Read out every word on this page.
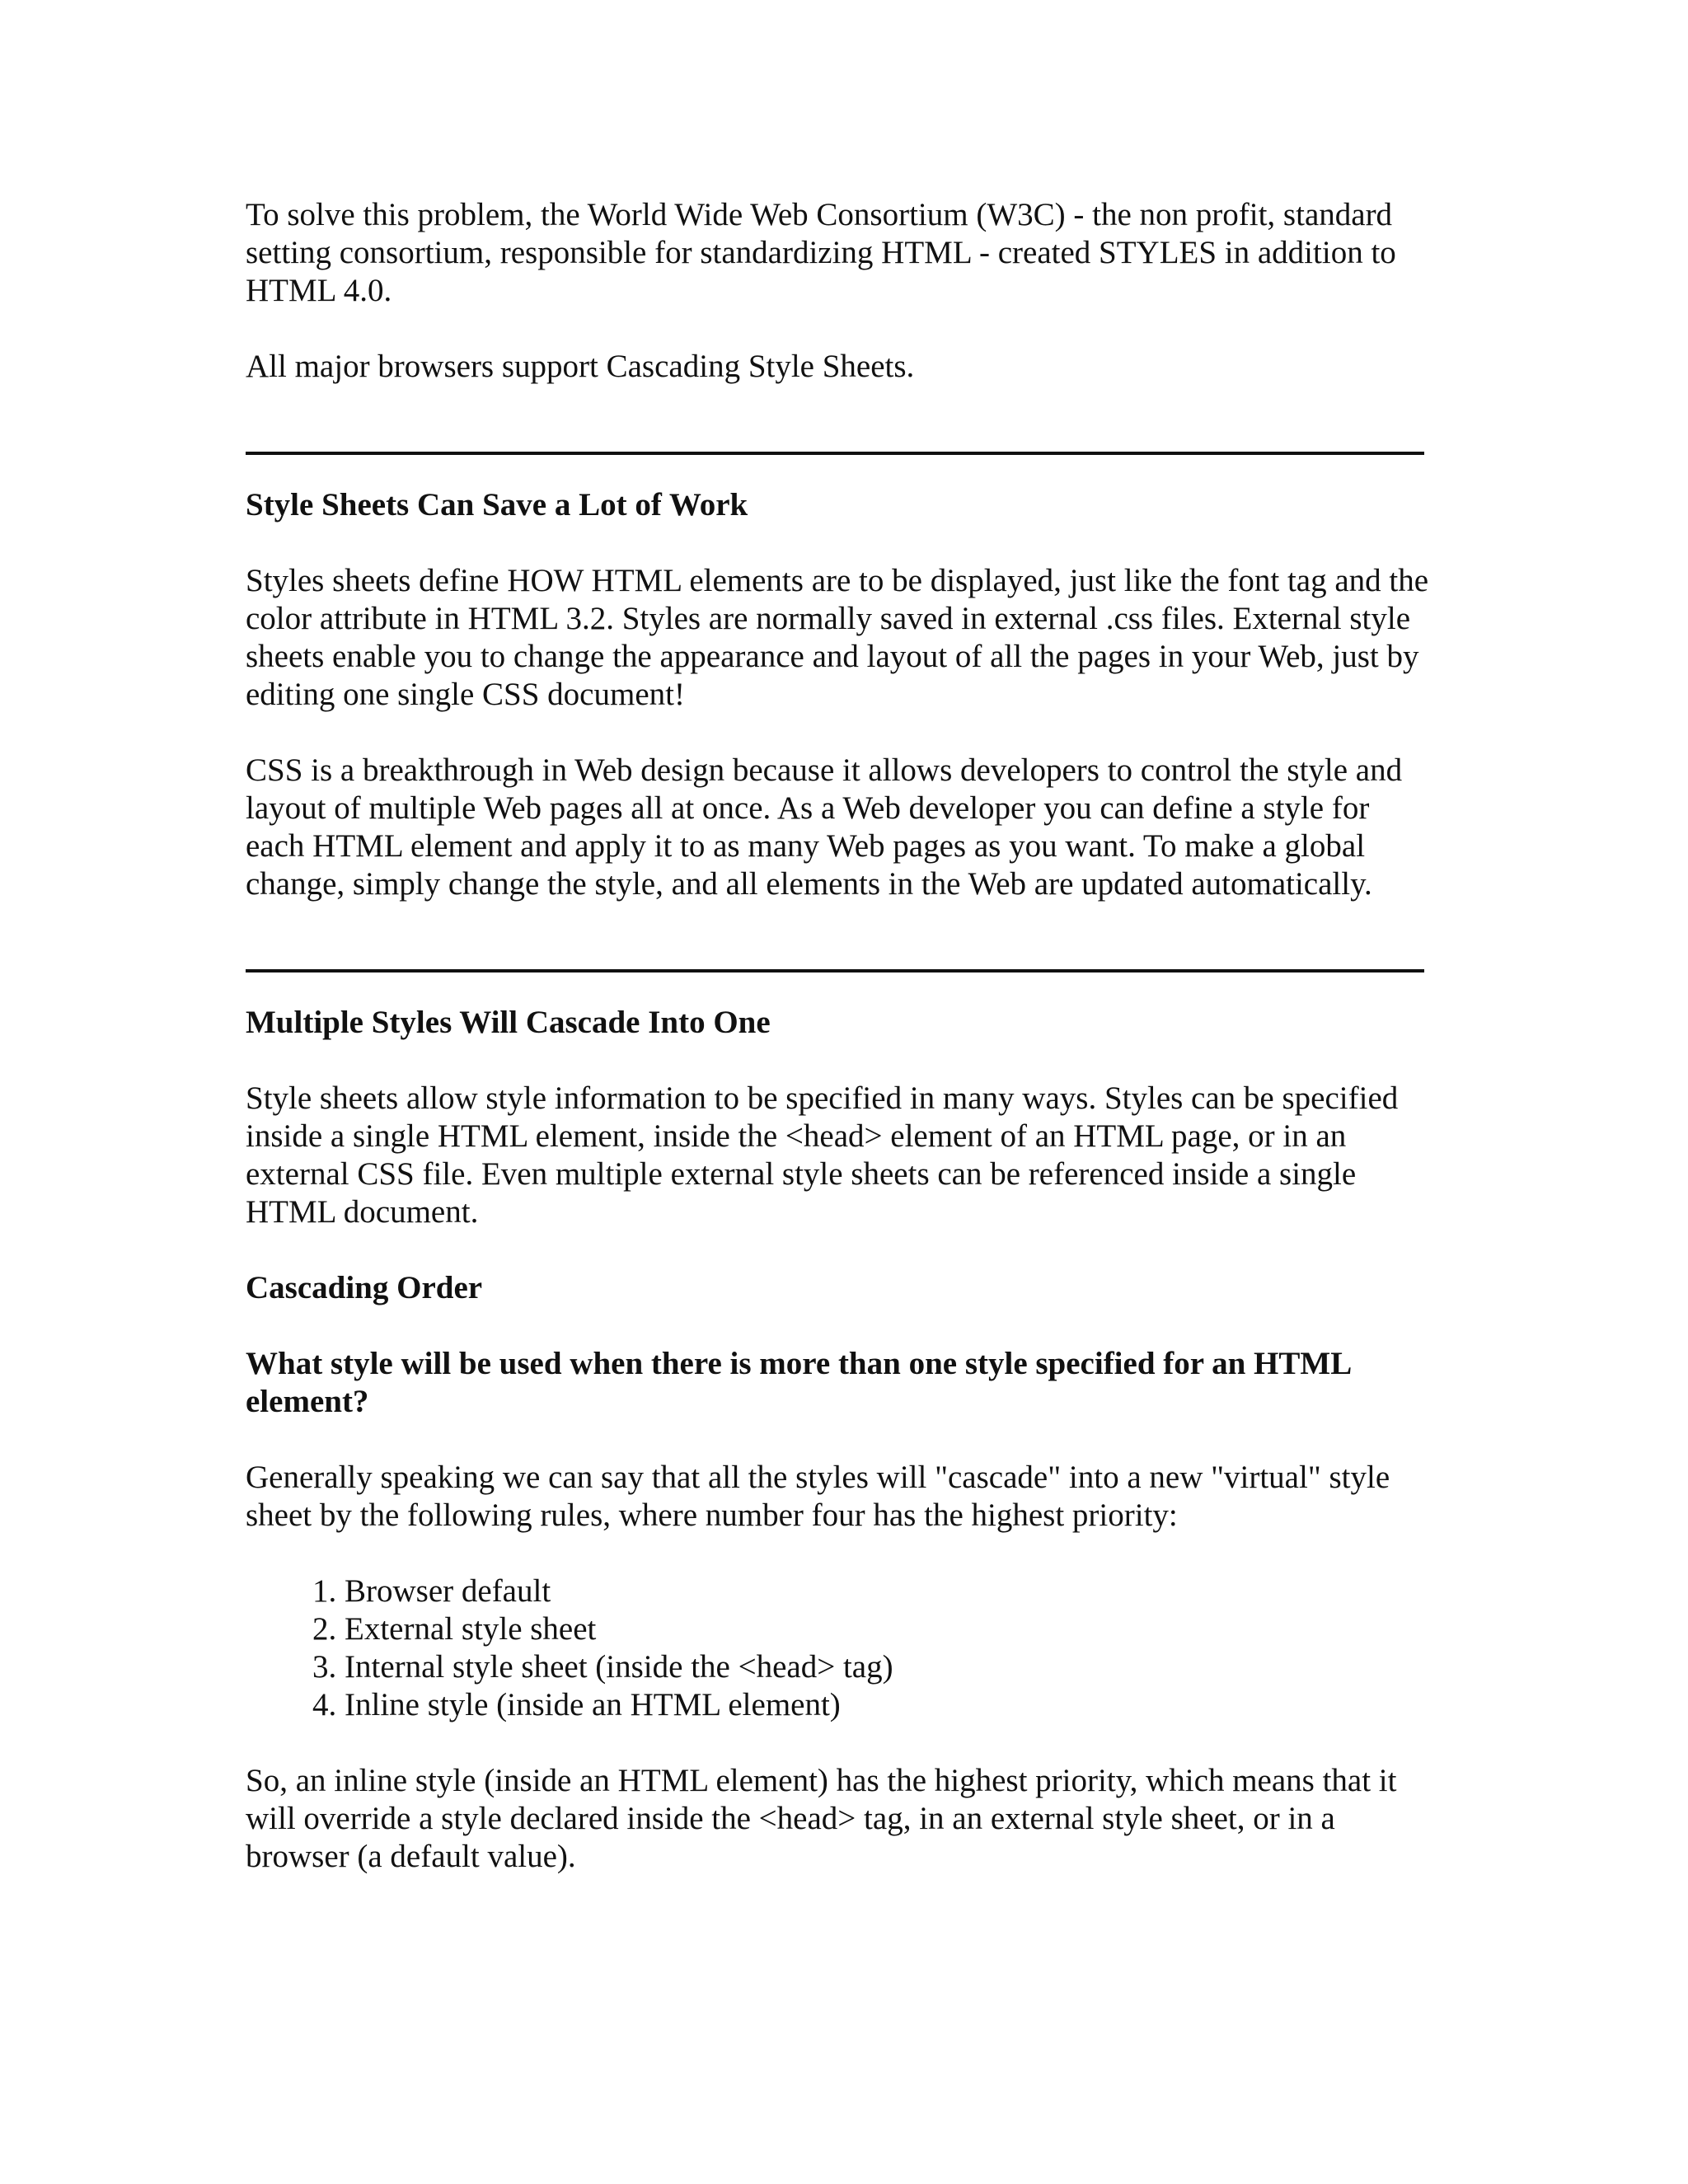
To solve this problem, the World Wide Web Consortium (W3C) - the non profit, standard setting consortium, responsible for standardizing HTML - created STYLES in addition to HTML 4.0.

All major browsers support Cascading Style Sheets.

Style Sheets Can Save a Lot of Work

Styles sheets define HOW HTML elements are to be displayed, just like the font tag and the color attribute in HTML 3.2. Styles are normally saved in external .css files. External style sheets enable you to change the appearance and layout of all the pages in your Web, just by editing one single CSS document!

CSS is a breakthrough in Web design because it allows developers to control the style and layout of multiple Web pages all at once. As a Web developer you can define a style for each HTML element and apply it to as many Web pages as you want. To make a global change, simply change the style, and all elements in the Web are updated automatically.

Multiple Styles Will Cascade Into One

Style sheets allow style information to be specified in many ways. Styles can be specified inside a single HTML element, inside the <head> element of an HTML page, or in an external CSS file. Even multiple external style sheets can be referenced inside a single HTML document.

Cascading Order

What style will be used when there is more than one style specified for an HTML element?

Generally speaking we can say that all the styles will "cascade" into a new "virtual" style sheet by the following rules, where number four has the highest priority:

1. Browser default
2. External style sheet
3. Internal style sheet (inside the <head> tag)
4. Inline style (inside an HTML element)

So, an inline style (inside an HTML element) has the highest priority, which means that it will override a style declared inside the <head> tag, in an external style sheet, or in a browser (a default value).
